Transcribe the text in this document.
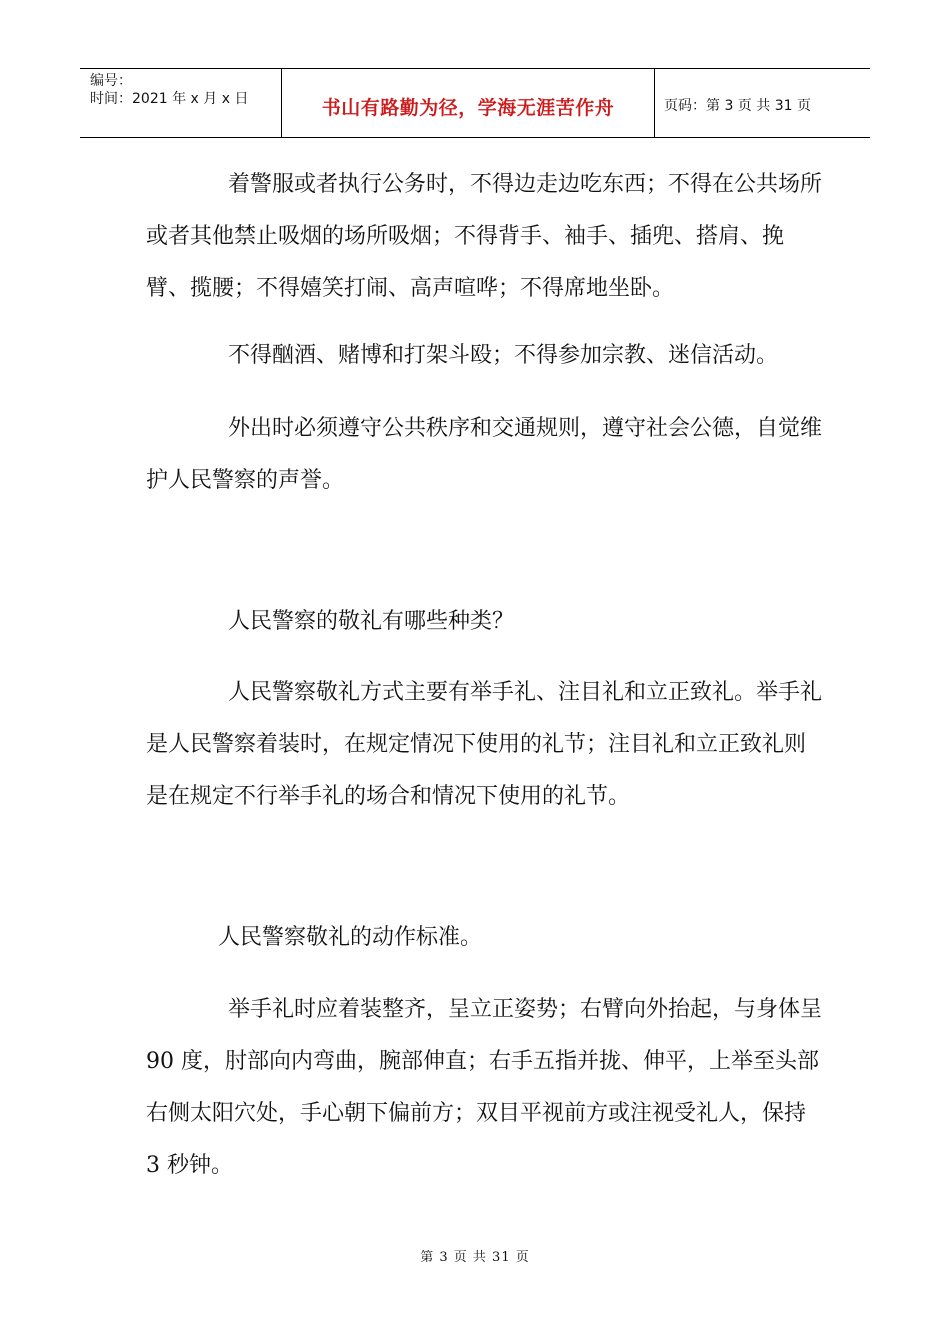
编号：
时间：2021 年 x 月 x 日	书山有路勤为径，学海无涯苦作舟	页码：第 3 页 共 31 页

着警服或者执行公务时，不得边走边吃东西；不得在公共场所或者其他禁止吸烟的场所吸烟；不得背手、袖手、插兜、搭肩、挽臂、揽腰；不得嬉笑打闹、高声喧哗；不得席地坐卧。

不得酗酒、赌博和打架斗殴；不得参加宗教、迷信活动。

外出时必须遵守公共秩序和交通规则，遵守社会公德，自觉维护人民警察的声誉。

人民警察的敬礼有哪些种类？

人民警察敬礼方式主要有举手礼、注目礼和立正致礼。举手礼是人民警察着装时，在规定情况下使用的礼节；注目礼和立正致礼则是在规定不行举手礼的场合和情况下使用的礼节。

人民警察敬礼的动作标准。

举手礼时应着装整齐，呈立正姿势；右臂向外抬起，与身体呈 90 度，肘部向内弯曲，腕部伸直；右手五指并拢、伸平，上举至头部右侧太阳穴处，手心朝下偏前方；双目平视前方或注视受礼人，保持 3 秒钟。

第 3 页 共 31 页
